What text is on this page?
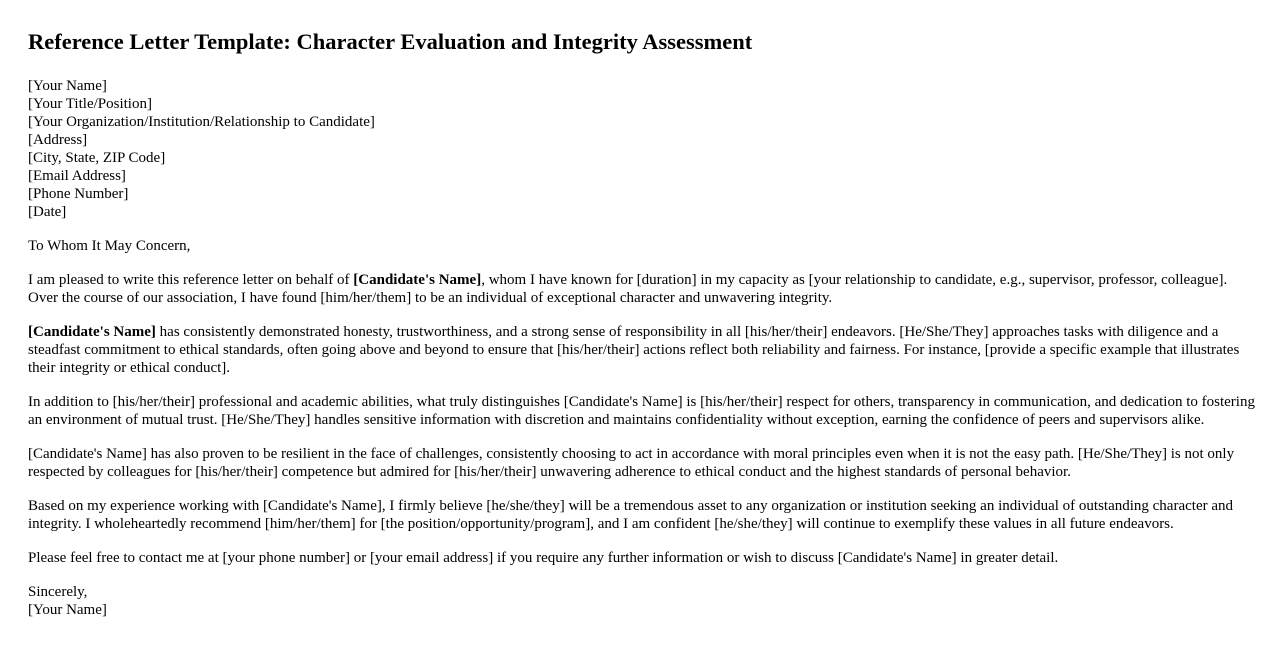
Reference Letter Template: Character Evaluation and Integrity Assessment
[Your Name]
[Your Title/Position]
[Your Organization/Institution/Relationship to Candidate]
[Address]
[City, State, ZIP Code]
[Email Address]
[Phone Number]
[Date]

To Whom It May Concern,

I am pleased to write this reference letter on behalf of [Candidate's Name], whom I have known for [duration] in my capacity as [your relationship to candidate, e.g., supervisor, professor, colleague]. Over the course of our association, I have found [him/her/them] to be an individual of exceptional character and unwavering integrity.

[Candidate's Name] has consistently demonstrated honesty, trustworthiness, and a strong sense of responsibility in all [his/her/their] endeavors. [He/She/They] approaches tasks with diligence and a steadfast commitment to ethical standards, often going above and beyond to ensure that [his/her/their] actions reflect both reliability and fairness. For instance, [provide a specific example that illustrates their integrity or ethical conduct].

In addition to [his/her/their] professional and academic abilities, what truly distinguishes [Candidate's Name] is [his/her/their] respect for others, transparency in communication, and dedication to fostering an environment of mutual trust. [He/She/They] handles sensitive information with discretion and maintains confidentiality without exception, earning the confidence of peers and supervisors alike.

[Candidate's Name] has also proven to be resilient in the face of challenges, consistently choosing to act in accordance with moral principles even when it is not the easy path. [He/She/They] is not only respected by colleagues for [his/her/their] competence but admired for [his/her/their] unwavering adherence to ethical conduct and the highest standards of personal behavior.

Based on my experience working with [Candidate's Name], I firmly believe [he/she/they] will be a tremendous asset to any organization or institution seeking an individual of outstanding character and integrity. I wholeheartedly recommend [him/her/them] for [the position/opportunity/program], and I am confident [he/she/they] will continue to exemplify these values in all future endeavors.

Please feel free to contact me at [your phone number] or [your email address] if you require any further information or wish to discuss [Candidate's Name] in greater detail.

Sincerely,
[Your Name]
